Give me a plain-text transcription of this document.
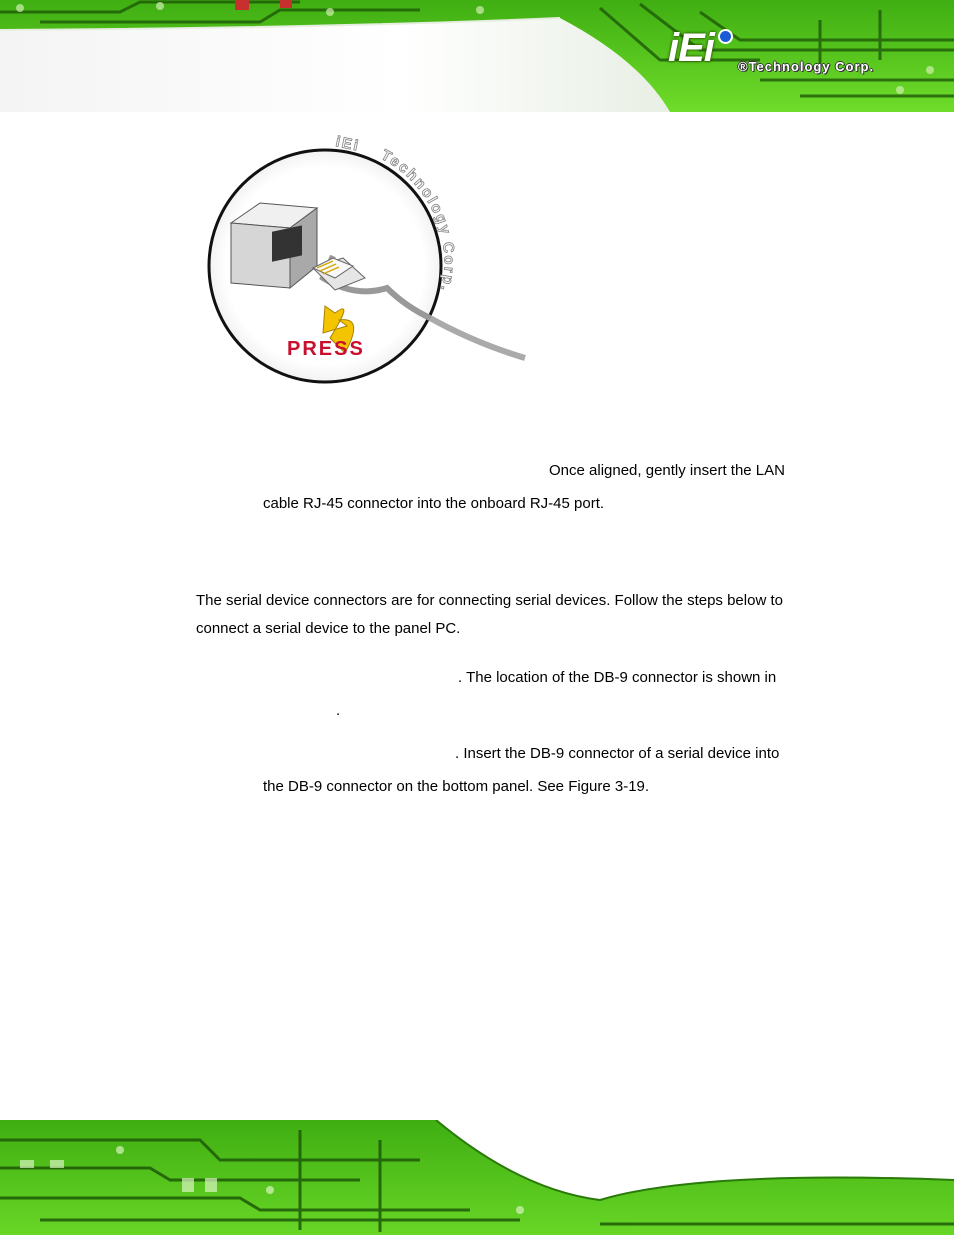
iEi ®Technology Corp.
PRESS
iEi
Technology Corp.
Once aligned, gently insert the LAN
cable RJ-45 connector into the onboard RJ-45 port.
The serial device connectors are for connecting serial devices. Follow the steps below to
connect a serial device to the panel PC.
. The location of the DB-9 connector is shown in
.
. Insert the DB-9 connector of a serial device into
the DB-9 connector on the bottom panel. See Figure 3-19.
